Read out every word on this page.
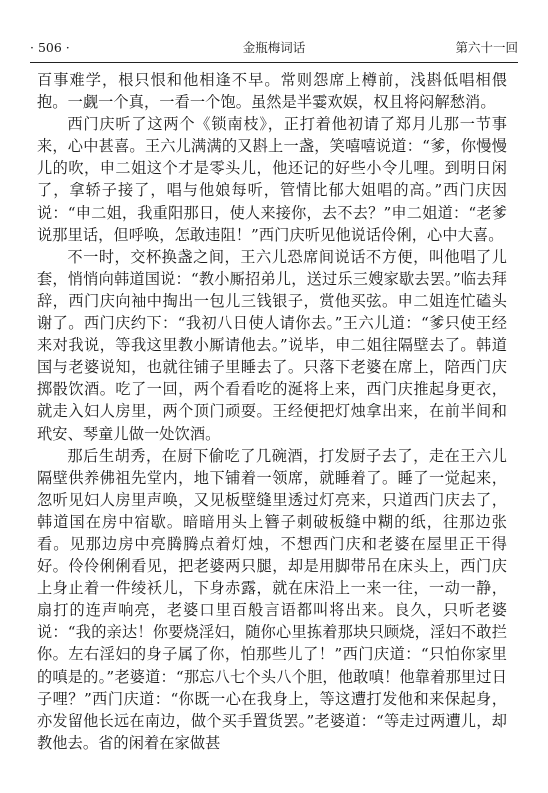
· 506 ·	金瓶梅词话	第六十一回

百事难学，根只恨和他相逢不早。常则怨席上樽前，浅斟低唱相偎抱。一觑一个真，一看一个饱。虽然是半霎欢娱，权且将闷解愁消。

西门庆听了这两个《锁南枝》，正打着他初请了郑月儿那一节事来，心中甚喜。王六儿满满的又斟上一盏，笑嘻嘻说道：“爹，你慢慢儿的吹，申二姐这个才是零头儿，他还记的好些小令儿哩。到明日闲了，拿轿子接了，唱与他娘每听，管情比郁大姐唱的高。”西门庆因说：“申二姐，我重阳那日，使人来接你，去不去？”申二姐道：“老爹说那里话，但呼唤，怎敢违阻！”西门庆听见他说话伶俐，心中大喜。

不一时，交杯换盏之间，王六儿恐席间说话不方便，叫他唱了儿套，悄悄向韩道国说：“教小厮招弟儿，送过乐三嫂家歇去罢。”临去拜辞，西门庆向袖中掏出一包儿三钱银子，赏他买弦。申二姐连忙磕头谢了。西门庆约下：“我初八日使人请你去。”王六儿道：“爹只使王经来对我说，等我这里教小厮请他去。”说毕，申二姐往隔壁去了。韩道国与老婆说知，也就往铺子里睡去了。只落下老婆在席上，陪西门庆掷骰饮酒。吃了一回，两个看看吃的涎将上来，西门庆推起身更衣，就走入妇人房里，两个顶门顽耍。王经便把灯烛拿出来，在前半间和玳安、琴童儿做一处饮酒。

那后生胡秀，在厨下偷吃了几碗酒，打发厨子去了，走在王六儿隔壁供养佛祖先堂内，地下铺着一领席，就睡着了。睡了一觉起来，忽听见妇人房里声唤，又见板壁缝里透过灯亮来，只道西门庆去了，韩道国在房中宿歇。暗暗用头上簪子刺破板缝中糊的纸，往那边张看。见那边房中亮腾腾点着灯烛，不想西门庆和老婆在屋里正干得好。伶伶俐俐看见，把老婆两只腿，却是用脚带吊在床头上，西门庆上身止着一件绫袄儿，下身赤露，就在床沿上一来一往，一动一静，扇打的连声响亮，老婆口里百般言语都叫将出来。良久，只听老婆说：“我的亲达！你要烧淫妇，随你心里拣着那块只顾烧，淫妇不敢拦你。左右淫妇的身子属了你，怕那些儿了！”西门庆道：“只怕你家里的嗔是的。”老婆道：“那忘八七个头八个胆，他敢嗔！他靠着那里过日子哩？”西门庆道：“你既一心在我身上，等这遭打发他和来保起身，亦发留他长远在南边，做个买手置货罢。”老婆道：“等走过两遭儿，却教他去。省的闲着在家做甚
